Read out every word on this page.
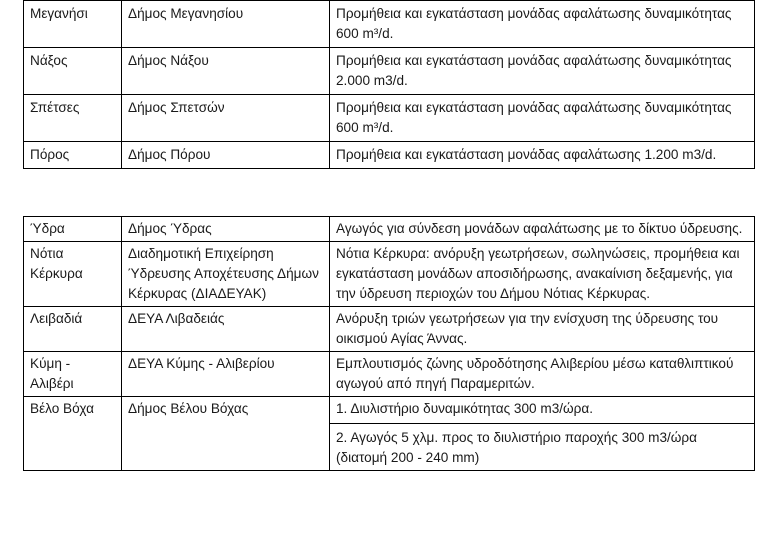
Μεγανήσι	Δήμος Μεγανησίου	Προμήθεια και εγκατάσταση μονάδας αφαλάτωσης δυναμικότητας 600 m³/d.
Νάξος	Δήμος Νάξου	Προμήθεια και εγκατάσταση μονάδας αφαλάτωσης δυναμικότητας 2.000 m3/d.
Σπέτσες	Δήμος Σπετσών	Προμήθεια και εγκατάσταση μονάδας αφαλάτωσης δυναμικότητας 600 m³/d.
Πόρος	Δήμος Πόρου	Προμήθεια και εγκατάσταση μονάδας αφαλάτωσης 1.200 m3/d.
Ύδρα	Δήμος Ύδρας	Αγωγός για σύνδεση μονάδων αφαλάτωσης με το δίκτυο ύδρευσης.
Νότια Κέρκυρα	Διαδημοτική Επιχείρηση Ύδρευσης Αποχέτευσης Δήμων Κέρκυρας (ΔΙΑΔΕΥΑΚ)	Νότια Κέρκυρα: ανόρυξη γεωτρήσεων, σωληνώσεις, προμήθεια και εγκατάσταση μονάδων αποσιδήρωσης, ανακαίνιση δεξαμενής, για την ύδρευση περιοχών του Δήμου Νότιας Κέρκυρας.
Λειβαδιά	ΔΕΥΑ Λιβαδειάς	Ανόρυξη τριών γεωτρήσεων για την ενίσχυση της ύδρευσης του οικισμού Αγίας Άννας.
Κύμη - Αλιβέρι	ΔΕΥΑ Κύμης - Αλιβερίου	Εμπλουτισμός ζώνης υδροδότησης Αλιβερίου μέσω καταθλιπτικού αγωγού από πηγή Παραμεριτών.
Βέλο Βόχα	Δήμος Βέλου Βόχας	1. Διυλιστήριο δυναμικότητας 300 m3/ώρα.
2. Αγωγός 5 χλμ. προς το διυλιστήριο παροχής 300 m3/ώρα (διατομή 200 - 240 mm)
